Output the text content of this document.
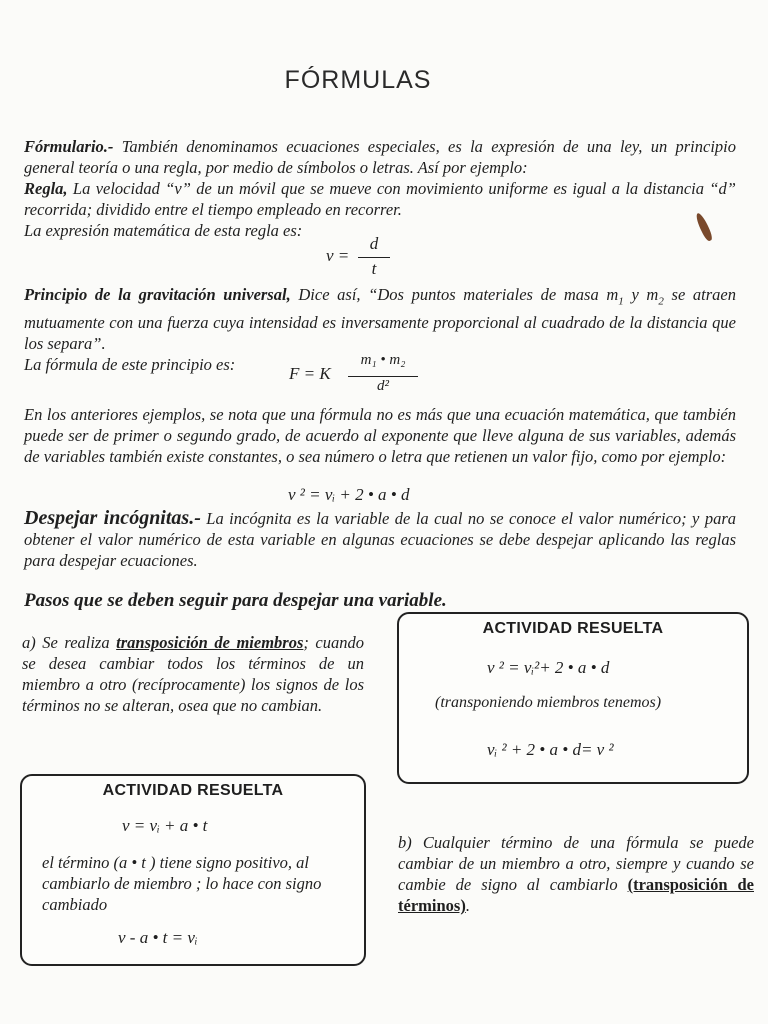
FÓRMULAS
Fórmulario.- También denominamos ecuaciones especiales, es la expresión de una ley, un principio general teoría o una regla, por medio de símbolos o letras. Así por ejemplo:
Regla, La velocidad “v” de un móvil que se mueve con movimiento uniforme es igual a la distancia “d” recorrida; dividido entre el tiempo empleado en recorrer.
La expresión matemática de esta regla es:
v =
d
t
Principio de la gravitación universal, Dice así, “Dos puntos materiales de masa $m_1$ y $m_2$ se atraen mutuamente con una fuerza cuya intensidad es inversamente proporcional al cuadrado de la distancia que los separa”.
La fórmula de este principio es:	F = K
m₁ • m₂
d²
En los anteriores ejemplos, se nota que una fórmula no es más que una ecuación matemática, que también puede ser de primer o segundo grado, de acuerdo al exponente que lleve alguna de sus variables, además de variables también existe constantes, o sea número o letra que retienen un valor fijo, como por ejemplo:
v ² = vᵢ + 2 • a • d
Despejar incógnitas.- La incógnita es la variable de la cual no se conoce el valor numérico; y para obtener el valor numérico de esta variable en algunas ecuaciones se debe despejar aplicando las reglas para despejar ecuaciones.
Pasos que se deben seguir para despejar una variable.
a) Se realiza transposición de miembros; cuando se desea cambiar todos los términos de un miembro a otro (recíprocamente) los signos de los términos no se alteran, osea que no cambian.
ACTIVIDAD RESUELTA
v ² = vᵢ²+ 2 • a • d
(transponiendo miembros tenemos)
vᵢ ² + 2 • a • d= v ²
ACTIVIDAD RESUELTA
v = vᵢ + a • t
el término (a • t ) tiene signo positivo, al cambiarlo de miembro ; lo hace con signo cambiado
v - a • t = vᵢ
b) Cualquier término de una fórmula se puede cambiar de un miembro a otro, siempre y cuando se cambie de signo al cambiarlo (transposición de términos).
